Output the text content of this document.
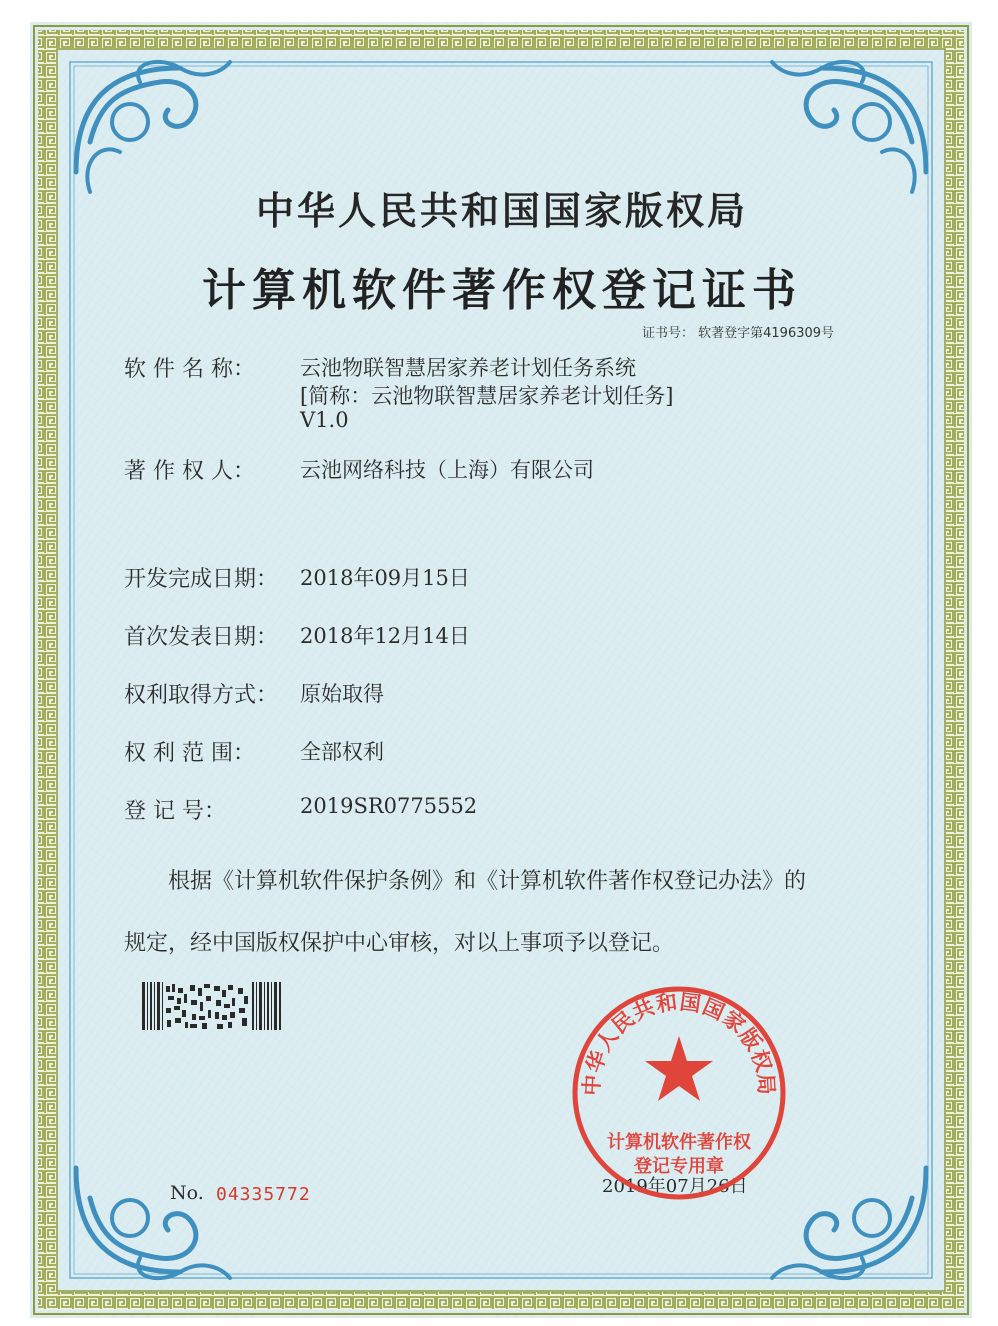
中华人民共和国国家版权局
计算机软件著作权登记证书
证书号： 软著登字第4196309号
软 件 名 称： 云池物联智慧居家养老计划任务系统
[简称：云池物联智慧居家养老计划任务]
V1.0
著 作 权 人： 云池网络科技（上海）有限公司
开发完成日期： 2018年09月15日
首次发表日期： 2018年12月14日
权利取得方式： 原始取得
权 利 范 围： 全部权利
登 记 号：	2019SR0775552
根据《计算机软件保护条例》和《计算机软件著作权登记办法》的
规定，经中国版权保护中心审核，对以上事项予以登记。
No. 04335772	2019年07月26日
中华人民共和国国家版权局
计算机软件著作权
登记专用章
